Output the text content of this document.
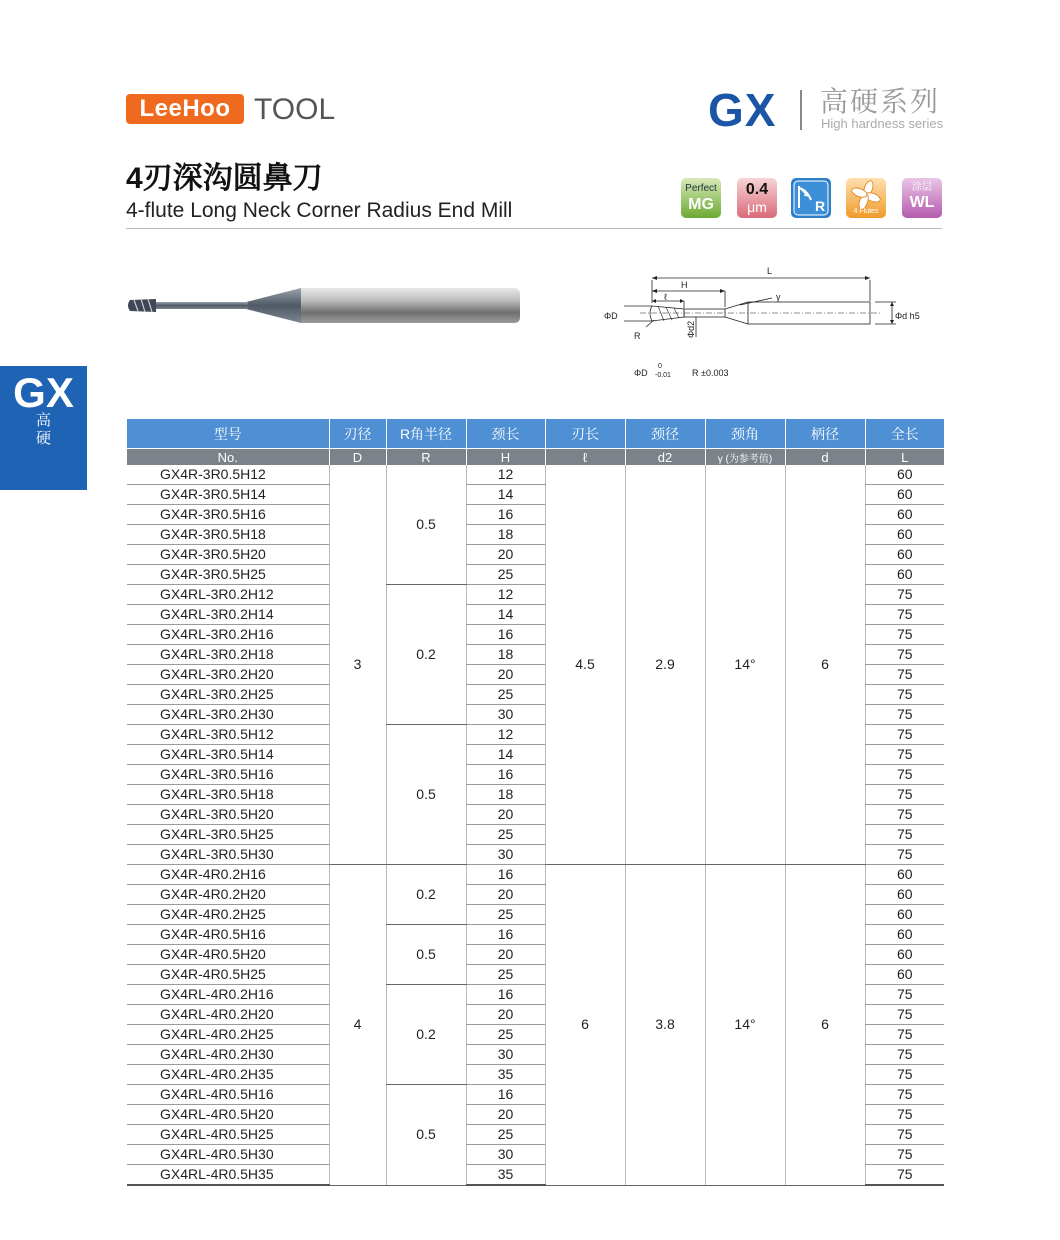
LeeHoo TOOL	GX 高硬系列
High hardness series
4刃深沟圆鼻刀
4-flute Long Neck Corner Radius End Mill
Perfect
MG
0.4
μm	R	4 Flutes
涂层
WL
GX
高
硬
L
H
ℓ	γ
ΦD	Φd h5
R	Φd2
ΦD
0
-0.01 R ±0.003
型号	刃径	R角半径	颈长	刃长	颈径	颈角	柄径	全长
No.	D	R	H	ℓ	d2	γ (为参考值)	d	L
GX4R-3R0.5H12	3	0.5	12	4.5	2.9	14°	6	60
GX4R-3R0.5H14			14					60
GX4R-3R0.5H16			16					60
GX4R-3R0.5H18			18					60
GX4R-3R0.5H20			20					60
GX4R-3R0.5H25			25					60
GX4RL-3R0.2H12		0.2	12					75
GX4RL-3R0.2H14			14					75
GX4RL-3R0.2H16			16					75
GX4RL-3R0.2H18			18					75
GX4RL-3R0.2H20			20					75
GX4RL-3R0.2H25			25					75
GX4RL-3R0.2H30			30					75
GX4RL-3R0.5H12		0.5	12					75
GX4RL-3R0.5H14			14					75
GX4RL-3R0.5H16			16					75
GX4RL-3R0.5H18			18					75
GX4RL-3R0.5H20			20					75
GX4RL-3R0.5H25			25					75
GX4RL-3R0.5H30			30					75
GX4R-4R0.2H16	4	0.2	16	6	3.8	14°	6	60
GX4R-4R0.2H20			20					60
GX4R-4R0.2H25			25					60
GX4R-4R0.5H16		0.5	16					60
GX4R-4R0.5H20			20					60
GX4R-4R0.5H25			25					60
GX4RL-4R0.2H16		0.2	16					75
GX4RL-4R0.2H20			20					75
GX4RL-4R0.2H25			25					75
GX4RL-4R0.2H30			30					75
GX4RL-4R0.2H35			35					75
GX4RL-4R0.5H16		0.5	16					75
GX4RL-4R0.5H20			20					75
GX4RL-4R0.5H25			25					75
GX4RL-4R0.5H30			30					75
GX4RL-4R0.5H35			35					75
